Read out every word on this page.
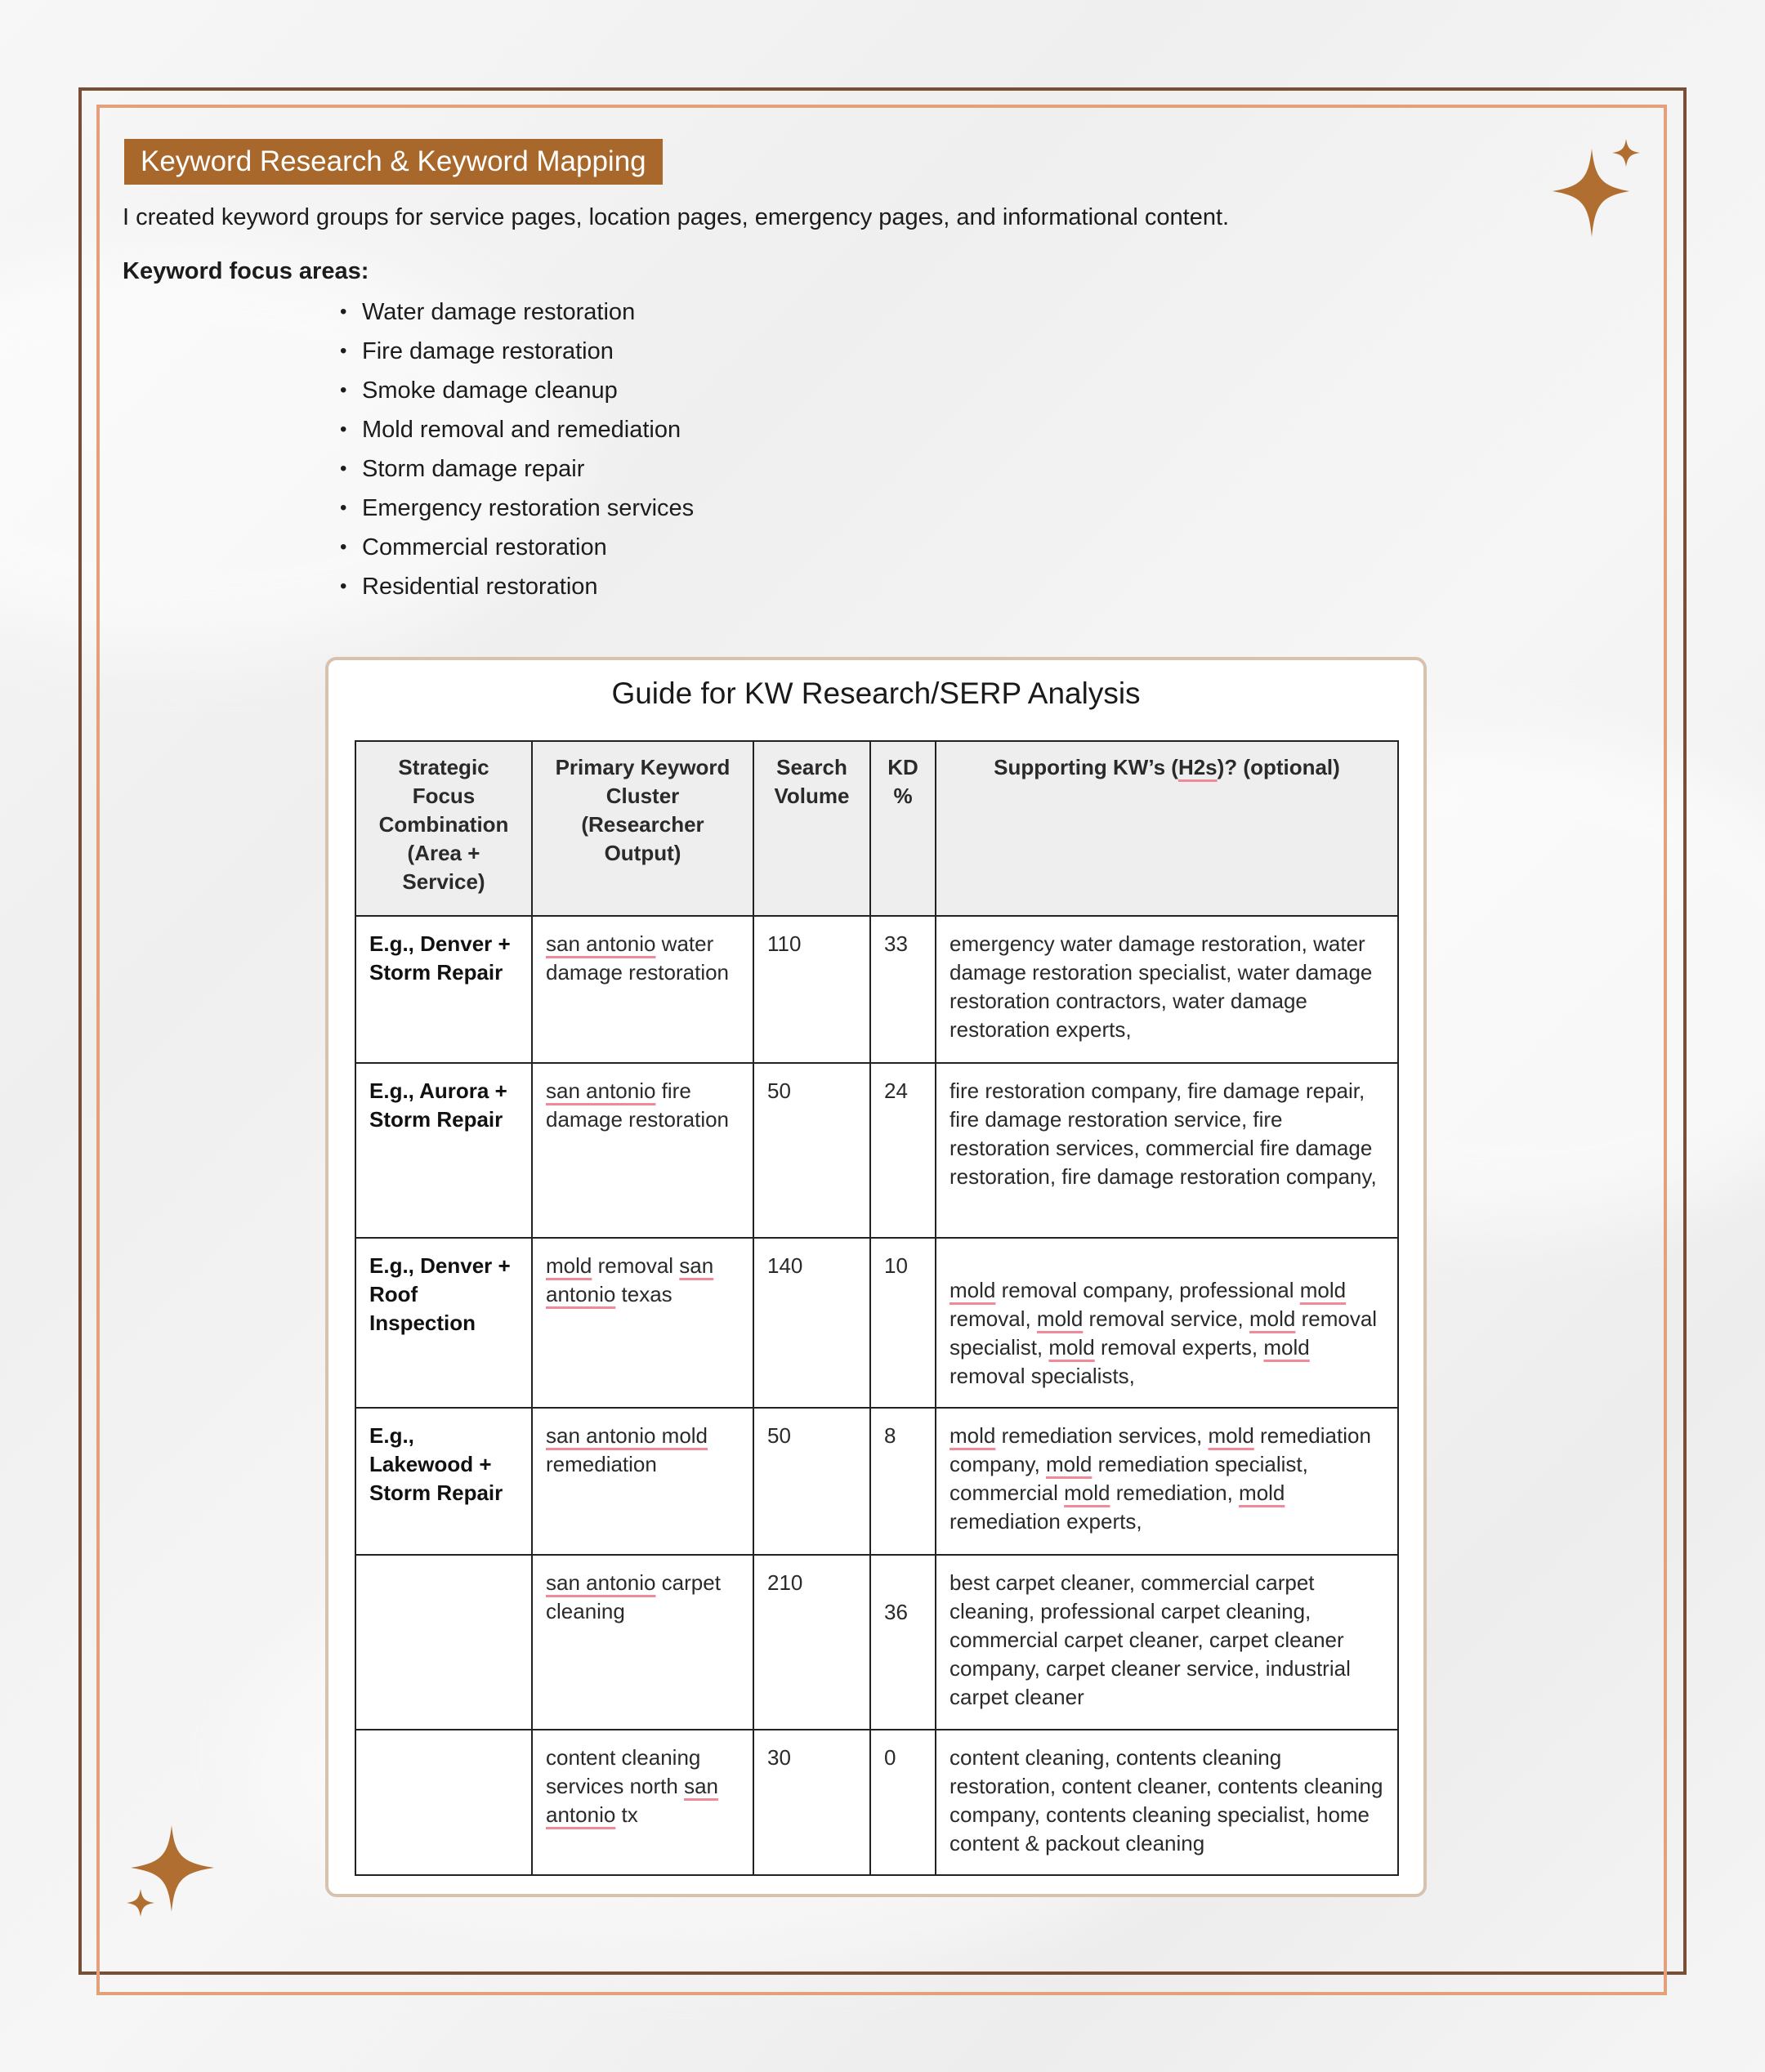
Keyword Research & Keyword Mapping
I created keyword groups for service pages, location pages, emergency pages, and informational content.
Keyword focus areas:
• Water damage restoration
• Fire damage restoration
• Smoke damage cleanup
• Mold removal and remediation
• Storm damage repair
• Emergency restoration services
• Commercial restoration
• Residential restoration
Guide for KW Research/SERP Analysis
Strategic Focus Combination (Area + Service)	Primary Keyword Cluster (Researcher Output)	Search Volume	KD %	Supporting KW’s (H2s)? (optional)
E.g., Denver + Storm Repair	san antonio water damage restoration	110	33	emergency water damage restoration, water damage restoration specialist, water damage restoration contractors, water damage restoration experts,
E.g., Aurora + Storm Repair	san antonio fire damage restoration	50	24	fire restoration company, fire damage repair, fire damage restoration service, fire restoration services, commercial fire damage restoration, fire damage restoration company,
E.g., Denver + Roof Inspection	mold removal san antonio texas	140	10	mold removal company, professional mold removal, mold removal service, mold removal specialist, mold removal experts, mold removal specialists,
E.g., Lakewood + Storm Repair	san antonio mold remediation	50	8	mold remediation services, mold remediation company, mold remediation specialist, commercial mold remediation, mold remediation experts,
	san antonio carpet cleaning	210	36	best carpet cleaner, commercial carpet cleaning, professional carpet cleaning, commercial carpet cleaner, carpet cleaner company, carpet cleaner service, industrial carpet cleaner
	content cleaning services north san antonio tx	30	0	content cleaning, contents cleaning restoration, content cleaner, contents cleaning company, contents cleaning specialist, home content & packout cleaning
